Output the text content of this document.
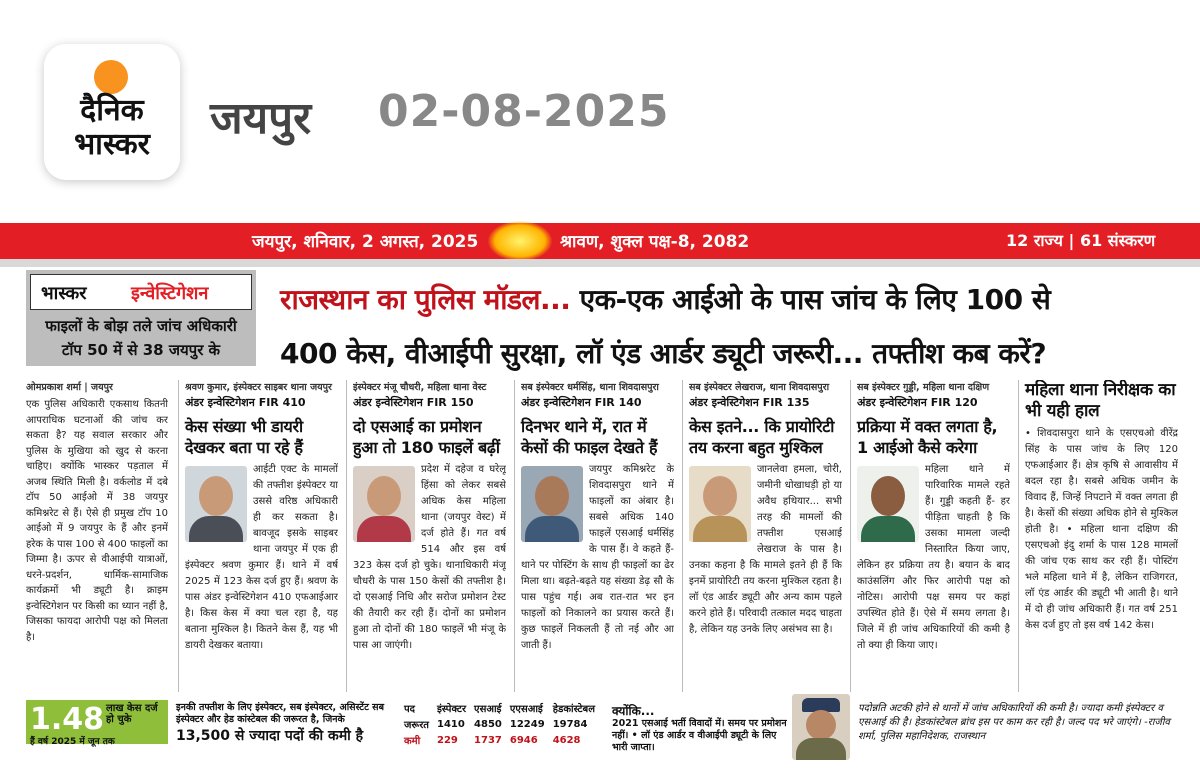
दैनिक
भास्कर
जयपुर 02-08-2025
जयपुर, शनिवार, 2 अगस्त, 2025	श्रावण, शुक्ल पक्ष-8, 2082	12 राज्य | 61 संस्करण
भास्कर इन्वेस्टिगेशन
फाइलों के बोझ तले जांच अधिकारी
टॉप 50 में से 38 जयपुर के
राजस्थान का पुलिस मॉडल... एक-एक आईओ के पास जांच के लिए 100 से
400 केस, वीआईपी सुरक्षा, लॉ एंड आर्डर ड्यूटी जरूरी... तफ्तीश कब करें?
ओमप्रकाश शर्मा | जयपुर
एक पुलिस अधिकारी एकसाथ कितनी आपराधिक घटनाओं की जांच कर सकता है? यह सवाल सरकार और पुलिस के मुखिया को खुद से करना चाहिए। क्योंकि भास्कर पड़ताल में अजब स्थिति मिली है। वर्कलोड में दबे टॉप 50 आईओ में 38 जयपुर कमिश्नरेट से हैं। ऐसे ही प्रमुख टॉप 10 आईओ में 9 जयपुर के हैं और इनमें हरेक के पास 100 से 400 फाइलों का जिम्मा है। ऊपर से वीआईपी यात्राओं, धरने-प्रदर्शन, धार्मिक-सामाजिक कार्यक्रमों भी ड्यूटी है। क्राइम इन्वेस्टिगेशन पर किसी का ध्यान नहीं है, जिसका फायदा आरोपी पक्ष को मिलता है।
श्रवण कुमार, इंस्पेक्टर साइबर थाना जयपुर
अंडर इन्वेस्टिगेशन FIR 410
केस संख्या भी डायरी देखकर बता पा रहे हैं
आईटी एक्ट के मामलों की तफ्तीश इंस्पेक्टर या उससे वरिष्ठ अधिकारी ही कर सकता है। बावजूद इसके साइबर थाना जयपुर में एक ही इंस्पेक्टर श्रवण कुमार हैं। थाने में वर्ष 2025 में 123 केस दर्ज हुए हैं। श्रवण के पास अंडर इन्वेस्टिगेशन 410 एफआईआर है। किस केस में क्या चल रहा है, यह बताना मुश्किल है। कितने केस हैं, यह भी डायरी देखकर बताया।
इंस्पेक्टर मंजू चौधरी, महिला थाना वेस्ट
अंडर इन्वेस्टिगेशन FIR 150
दो एसआई का प्रमोशन हुआ तो 180 फाइलें बढ़ीं
प्रदेश में दहेज व घरेलू हिंसा को लेकर सबसे अधिक केस महिला थाना (जयपुर वेस्ट) में दर्ज होते हैं। गत वर्ष 514 और इस वर्ष 323 केस दर्ज हो चुके। थानाधिकारी मंजू चौधरी के पास 150 केसों की तफ्तीश है। दो एसआई निधि और सरोज प्रमोशन टेस्ट की तैयारी कर रही हैं। दोनों का प्रमोशन हुआ तो दोनों की 180 फाइलें भी मंजू के पास आ जाएंगी।
सब इंस्पेक्टर धर्मसिंह, थाना शिवदासपुरा
अंडर इन्वेस्टिगेशन FIR 140
दिनभर थाने में, रात में केसों की फाइल देखते हैं
जयपुर कमिश्नरेट के शिवदासपुरा थाने में फाइलों का अंबार है। सबसे अधिक 140 फाइलें एसआई धर्मसिंह के पास हैं। वे कहते हैं- थाने पर पोस्टिंग के साथ ही फाइलों का ढेर मिला था। बढ़ते-बढ़ते यह संख्या डेढ़ सौ के पास पहुंच गई। अब रात-रात भर इन फाइलों को निकालने का प्रयास करते हैं। कुछ फाइलें निकलती हैं तो नई और आ जाती हैं।
सब इंस्पेक्टर लेखराज, थाना शिवदासपुरा
अंडर इन्वेस्टिगेशन FIR 135
केस इतने... कि प्रायोरिटी तय करना बहुत मुश्किल
जानलेवा हमला, चोरी, जमीनी धोखाधड़ी हो या अवैध हथियार... सभी तरह की मामलों की तफ्तीश एसआई लेखराज के पास है। उनका कहना है कि मामले इतने ही हैं कि इनमें प्रायोरिटी तय करना मुश्किल रहता है। लॉ एंड आर्डर ड्यूटी और अन्य काम पहले करने होते हैं। परिवादी तत्काल मदद चाहता है, लेकिन यह उनके लिए असंभव सा है।
सब इंस्पेक्टर गुड्डी, महिला थाना दक्षिण
अंडर इन्वेस्टिगेशन FIR 120
प्रक्रिया में वक्त लगता है, 1 आईओ कैसे करेगा
महिला थाने में पारिवारिक मामले रहते हैं। गुड्डी कहती हैं- हर पीड़िता चाहती है कि उसका मामला जल्दी निस्तारित किया जाए, लेकिन हर प्रक्रिया तय है। बयान के बाद काउंसलिंग और फिर आरोपी पक्ष को नोटिस। आरोपी पक्ष समय पर कहां उपस्थित होते हैं। ऐसे में समय लगता है। जिले में ही जांच अधिकारियों की कमी है तो क्या ही किया जाए।
महिला थाना निरीक्षक का भी यही हाल
• शिवदासपुरा थाने के एसएचओ वीरेंद्र सिंह के पास जांच के लिए 120 एफआईआर हैं। क्षेत्र कृषि से आवासीय में बदल रहा है। सबसे अधिक जमीन के विवाद हैं, जिन्हें निपटाने में वक्त लगता ही है। केसों की संख्या अधिक होने से मुश्किल होती है। • महिला थाना दक्षिण की एसएचओ इंदु शर्मा के पास 128 मामलों की जांच एक साथ कर रही हैं। पोस्टिंग भले महिला थाने में है, लेकिन राजिगरत, लॉ एंड आर्डर की ड्यूटी भी आती है। थाने में दो ही जांच अधिकारी हैं। गत वर्ष 251 केस दर्ज हुए तो इस वर्ष 142 केस।
1.48 लाख केस दर्ज हो चुके
हैं वर्ष 2025 में जून तक
इनकी तफ्तीश के लिए इंस्पेक्टर, सब इंस्पेक्टर, असिस्टेंट सब इंस्पेक्टर और हेड कांस्टेबल की जरूरत है, जिनके
13,500 से ज्यादा पदों की कमी है
पद	इंस्पेक्टर	एसआई	एएसआई	हेडकांस्टेबल
जरूरत	1410	4850	12249	19784
कमी	229	1737	6946	4628
क्योंकि...
2021 एसआई भर्ती विवादों में। समय पर प्रमोशन नहीं। • लॉ एंड आर्डर व वीआईपी ड्यूटी के लिए भारी जाप्ता।
पदोन्नति अटकी होने से थानों में जांच अधिकारियों की कमी है। ज्यादा कमी इंस्पेक्टर व एसआई की है। हेडकांस्टेबल ब्रांच इस पर काम कर रही है। जल्द पद भरे जाएंगे। -राजीव शर्मा, पुलिस महानिदेशक, राजस्थान
